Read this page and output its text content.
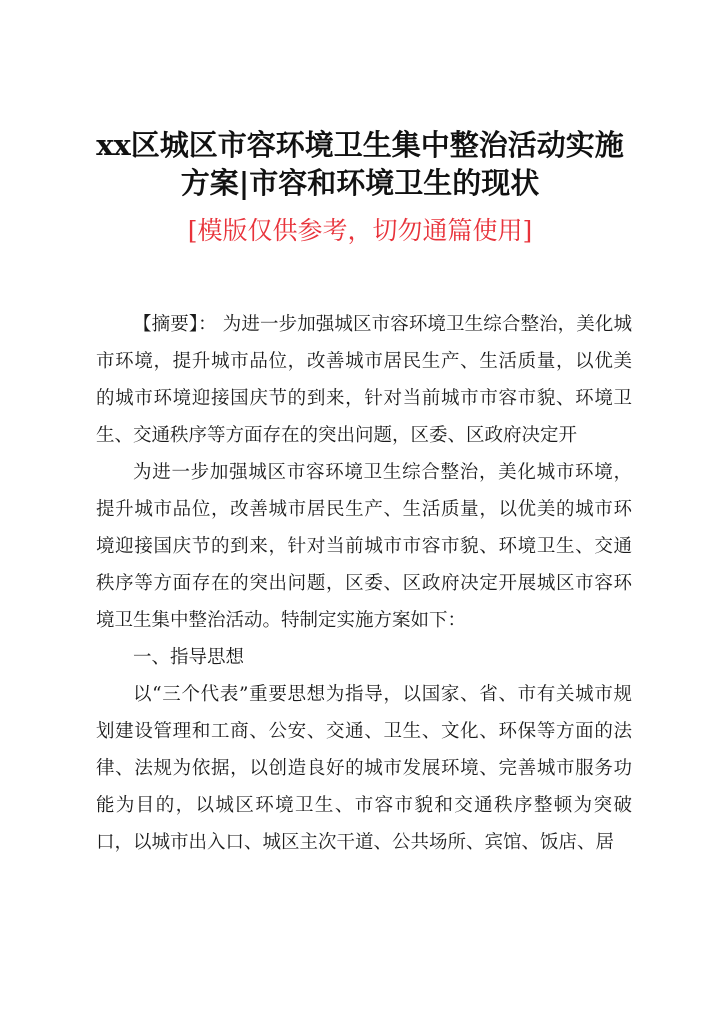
xx区城区市容环境卫生集中整治活动实施方案|市容和环境卫生的现状
[模版仅供参考，切勿通篇使用]

【摘要】： 为进一步加强城区市容环境卫生综合整治，美化城市环境，提升城市品位，改善城市居民生产、生活质量，以优美的城市环境迎接国庆节的到来，针对当前城市市容市貌、环境卫生、交通秩序等方面存在的突出问题，区委、区政府决定开

为进一步加强城区市容环境卫生综合整治，美化城市环境，提升城市品位，改善城市居民生产、生活质量，以优美的城市环境迎接国庆节的到来，针对当前城市市容市貌、环境卫生、交通秩序等方面存在的突出问题，区委、区政府决定开展城区市容环境卫生集中整治活动。特制定实施方案如下：

一、指导思想

以“三个代表”重要思想为指导，以国家、省、市有关城市规划建设管理和工商、公安、交通、卫生、文化、环保等方面的法律、法规为依据，以创造良好的城市发展环境、完善城市服务功能为目的，以城区环境卫生、市容市貌和交通秩序整顿为突破口，以城市出入口、城区主次干道、公共场所、宾馆、饭店、居
